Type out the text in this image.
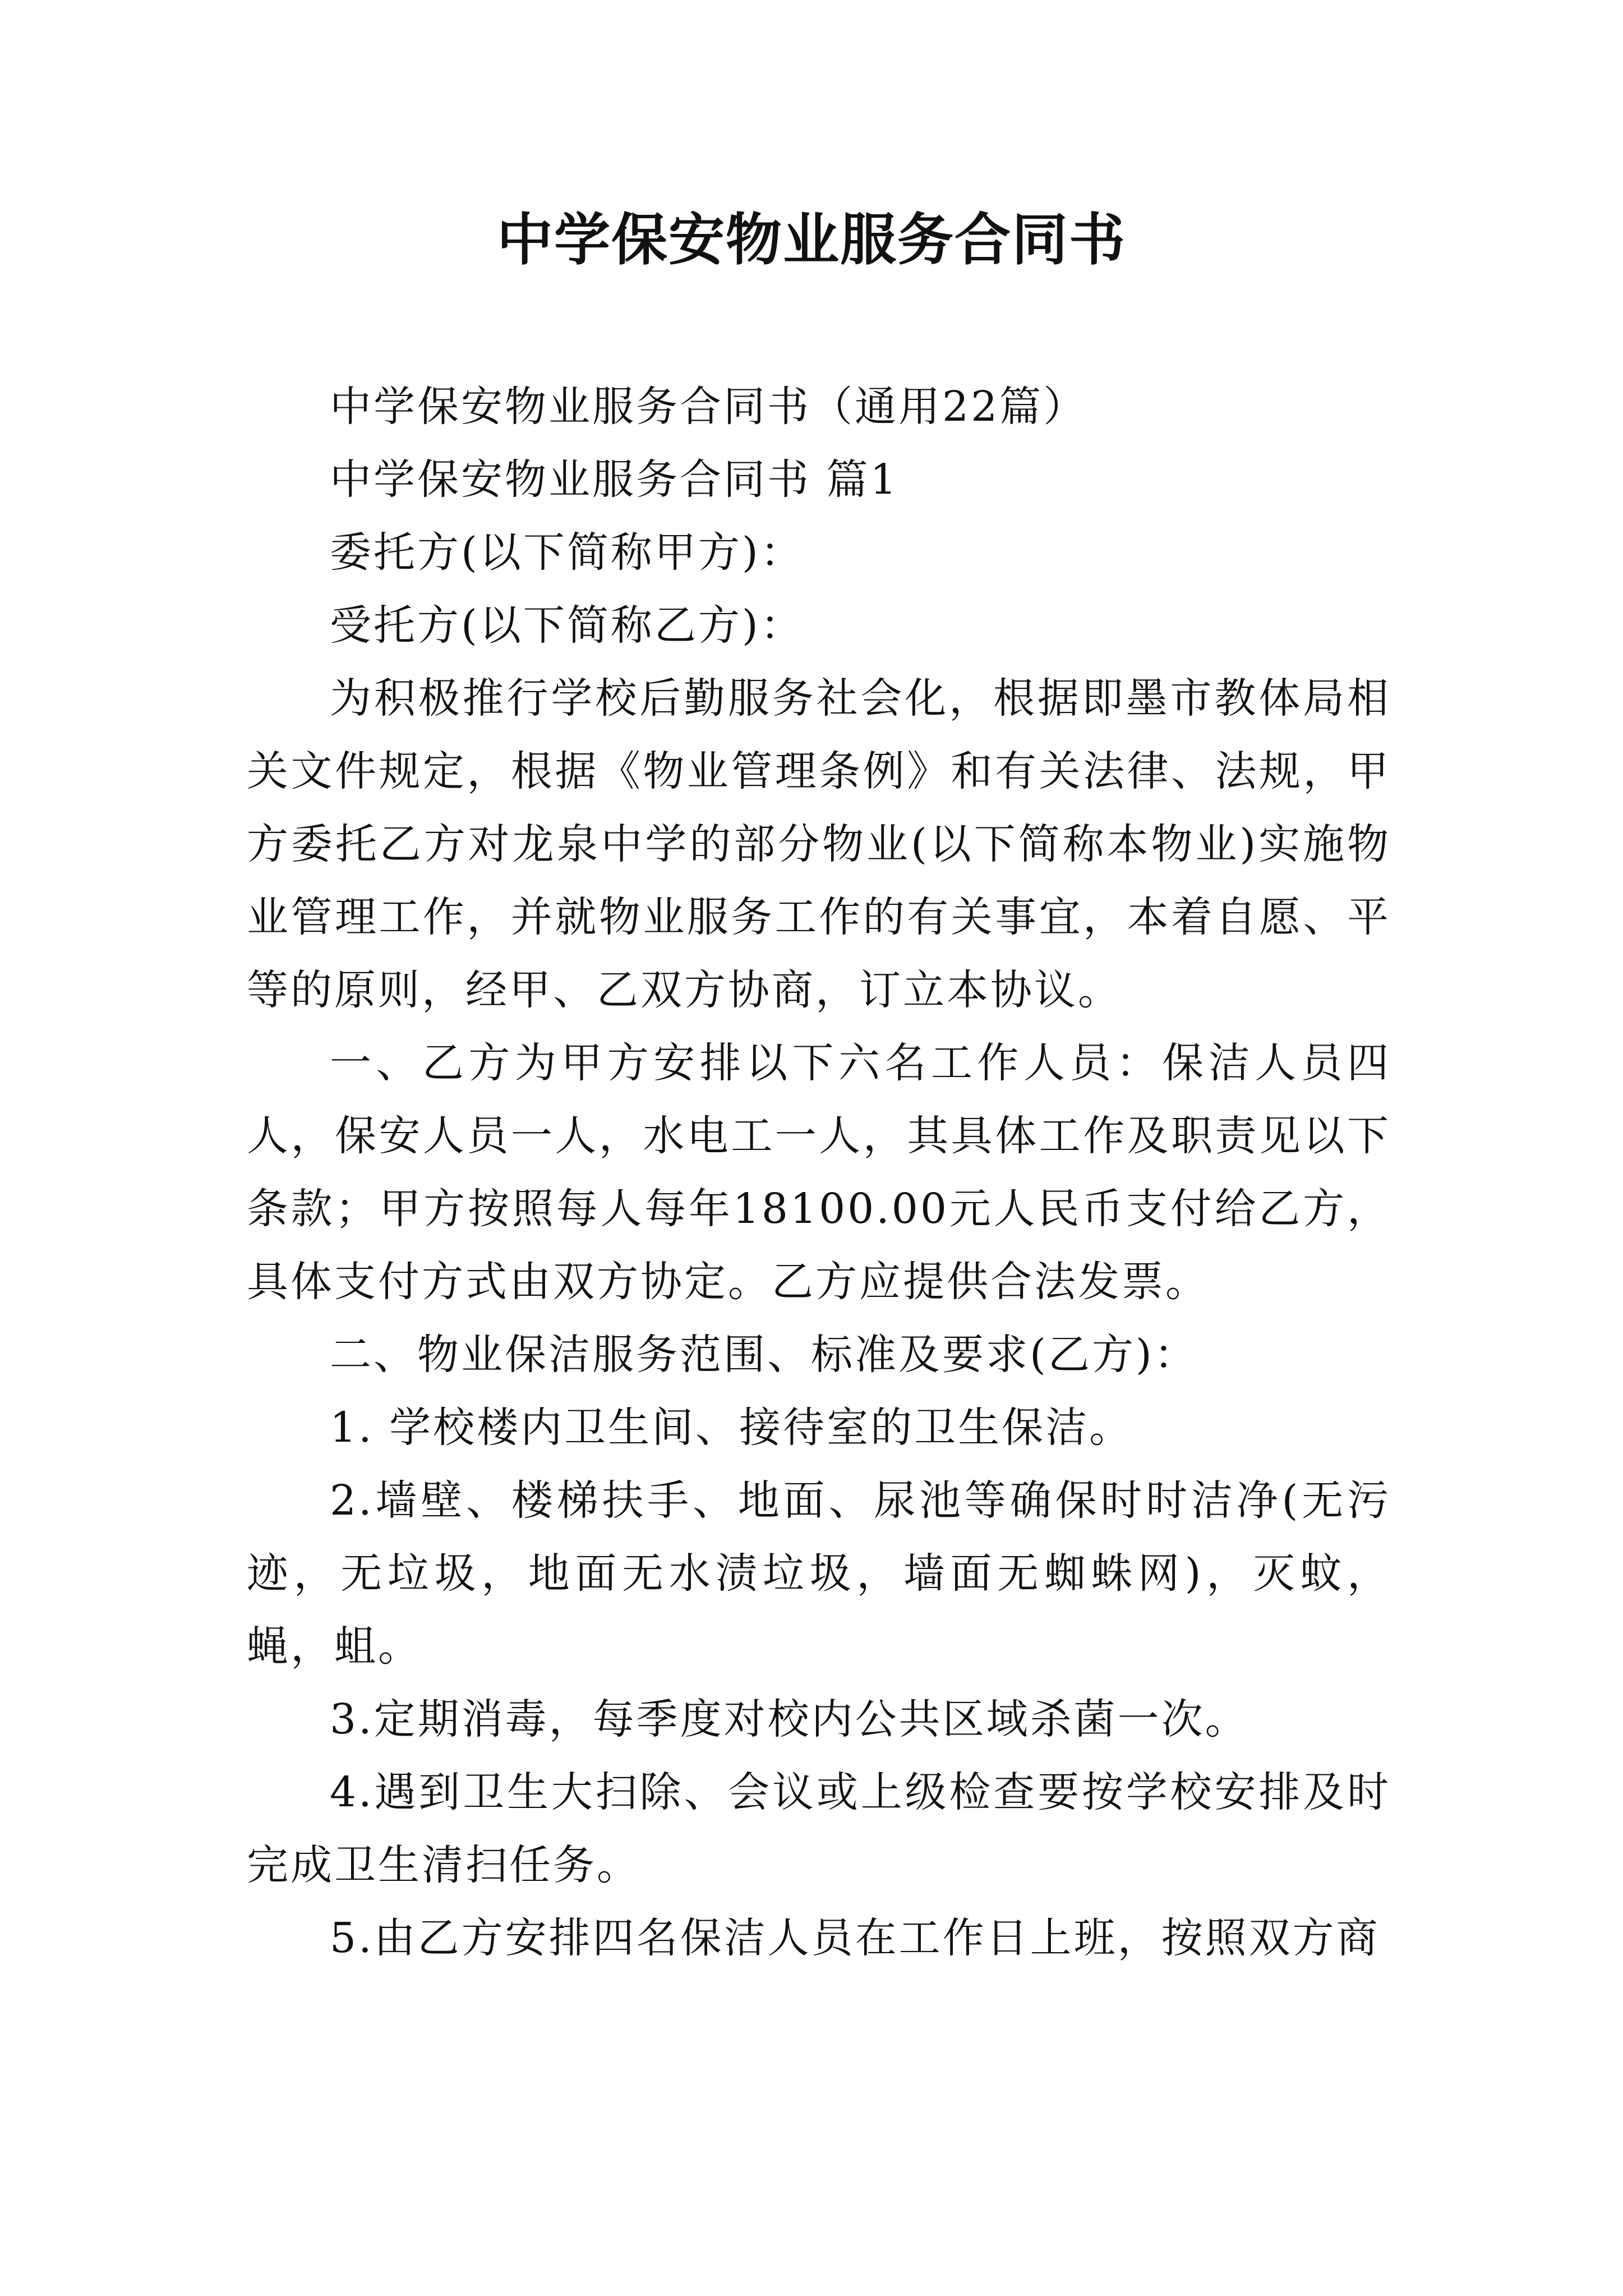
中学保安物业服务合同书

中学保安物业服务合同书（通用22篇）

中学保安物业服务合同书 篇1

委托方(以下简称甲方)：

受托方(以下简称乙方)：

为积极推行学校后勤服务社会化，根据即墨市教体局相关文件规定，根据《物业管理条例》和有关法律、法规，甲方委托乙方对龙泉中学的部分物业(以下简称本物业)实施物业管理工作，并就物业服务工作的有关事宜，本着自愿、平等的原则，经甲、乙双方协商，订立本协议。

一、乙方为甲方安排以下六名工作人员：保洁人员四人，保安人员一人，水电工一人，其具体工作及职责见以下条款；甲方按照每人每年18100.00元人民币支付给乙方，具体支付方式由双方协定。乙方应提供合法发票。

二、物业保洁服务范围、标准及要求(乙方)：

1. 学校楼内卫生间、接待室的卫生保洁。

2.墙壁、楼梯扶手、地面、尿池等确保时时洁净(无污迹，无垃圾，地面无水渍垃圾，墙面无蜘蛛网)，灭蚊，蝇，蛆。

3.定期消毒，每季度对校内公共区域杀菌一次。

4.遇到卫生大扫除、会议或上级检查要按学校安排及时完成卫生清扫任务。

5.由乙方安排四名保洁人员在工作日上班，按照双方商
